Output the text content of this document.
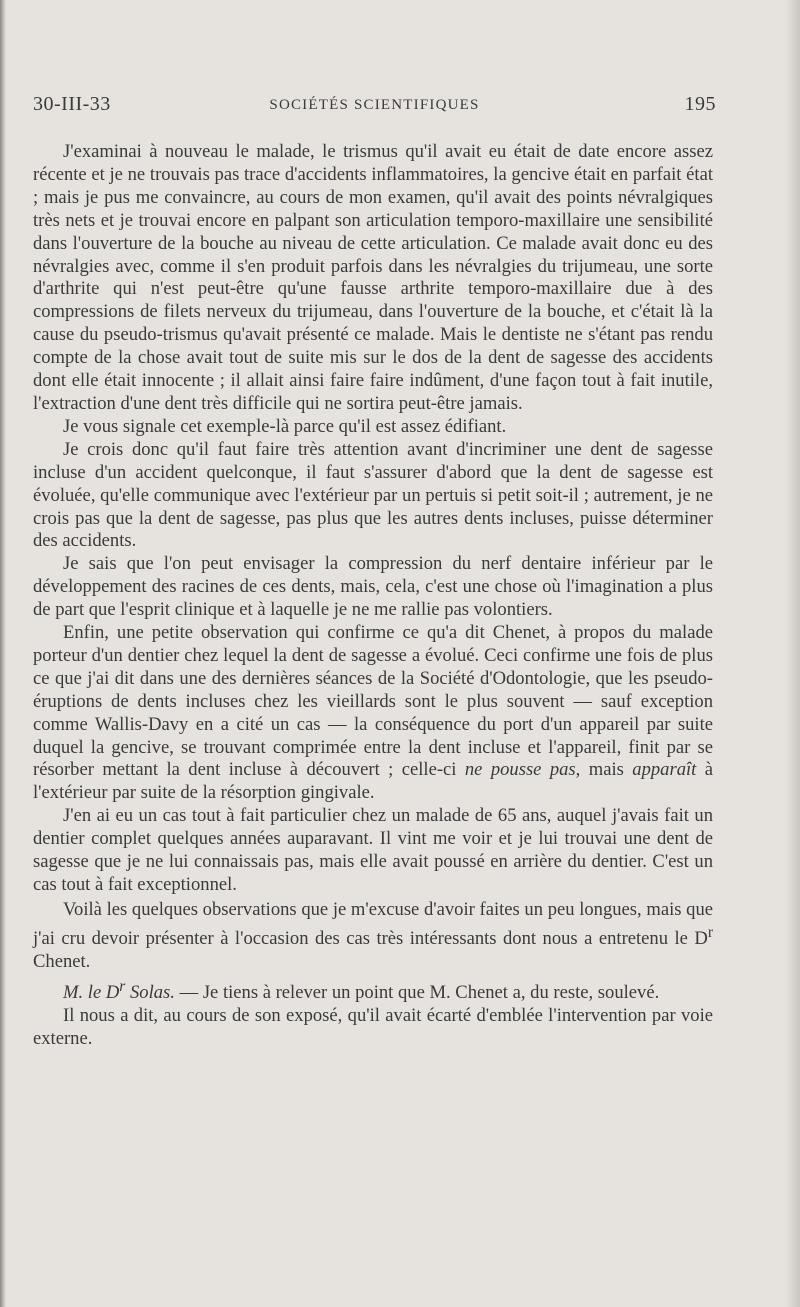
30-III-33	SOCIÉTÉS SCIENTIFIQUES	195

J'examinai à nouveau le malade, le trismus qu'il avait eu était de date encore assez récente et je ne trouvais pas trace d'accidents inflammatoires, la gencive était en parfait état ; mais je pus me convaincre, au cours de mon examen, qu'il avait des points névralgiques très nets et je trouvai encore en palpant son articulation temporo-maxillaire une sensibilité dans l'ouverture de la bouche au niveau de cette articulation. Ce malade avait donc eu des névralgies avec, comme il s'en produit parfois dans les névralgies du trijumeau, une sorte d'arthrite qui n'est peut-être qu'une fausse arthrite temporo-maxillaire due à des compressions de filets nerveux du trijumeau, dans l'ouverture de la bouche, et c'était là la cause du pseudo-trismus qu'avait présenté ce malade. Mais le dentiste ne s'étant pas rendu compte de la chose avait tout de suite mis sur le dos de la dent de sagesse des accidents dont elle était innocente ; il allait ainsi faire faire indûment, d'une façon tout à fait inutile, l'extraction d'une dent très difficile qui ne sortira peut-être jamais.

Je vous signale cet exemple-là parce qu'il est assez édifiant.

Je crois donc qu'il faut faire très attention avant d'incriminer une dent de sagesse incluse d'un accident quelconque, il faut s'assurer d'abord que la dent de sagesse est évoluée, qu'elle communique avec l'extérieur par un pertuis si petit soit-il ; autrement, je ne crois pas que la dent de sagesse, pas plus que les autres dents incluses, puisse déterminer des accidents.

Je sais que l'on peut envisager la compression du nerf dentaire inférieur par le développement des racines de ces dents, mais, cela, c'est une chose où l'imagination a plus de part que l'esprit clinique et à laquelle je ne me rallie pas volontiers.

Enfin, une petite observation qui confirme ce qu'a dit Chenet, à propos du malade porteur d'un dentier chez lequel la dent de sagesse a évolué. Ceci confirme une fois de plus ce que j'ai dit dans une des dernières séances de la Société d'Odontologie, que les pseudo-éruptions de dents incluses chez les vieillards sont le plus souvent — sauf exception comme Wallis-Davy en a cité un cas — la conséquence du port d'un appareil par suite duquel la gencive, se trouvant comprimée entre la dent incluse et l'appareil, finit par se résorber mettant la dent incluse à découvert ; celle-ci ne pousse pas, mais apparaît à l'extérieur par suite de la résorption gingivale.

J'en ai eu un cas tout à fait particulier chez un malade de 65 ans, auquel j'avais fait un dentier complet quelques années auparavant. Il vint me voir et je lui trouvai une dent de sagesse que je ne lui connaissais pas, mais elle avait poussé en arrière du dentier. C'est un cas tout à fait exceptionnel.

Voilà les quelques observations que je m'excuse d'avoir faites un peu longues, mais que j'ai cru devoir présenter à l'occasion des cas très intéressants dont nous a entretenu le $D^r$ Chenet.

M. le $D^r$ Solas. — Je tiens à relever un point que M. Chenet a, du reste, soulevé.

Il nous a dit, au cours de son exposé, qu'il avait écarté d'emblée l'intervention par voie externe.
